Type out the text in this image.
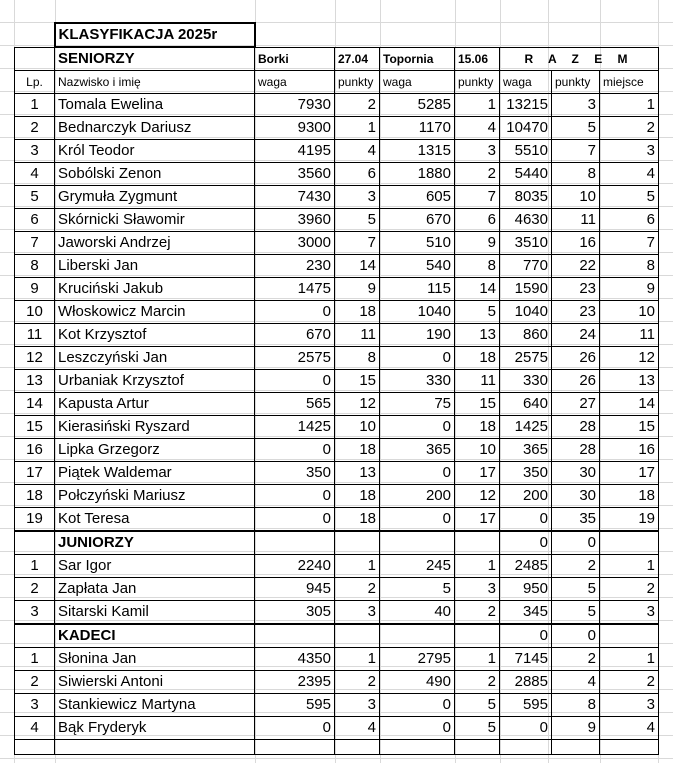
	KLASYFIKACJA 2025r							
	SENIORZY	Borki	27.04	Topornia	15.06	R A Z E M		
Lp.	Nazwisko i imię	waga	punkty	waga	punkty	waga	punkty	miejsce
1	Tomala Ewelina	7930	2	5285	1	13215	3	1
2	Bednarczyk Dariusz	9300	1	1170	4	10470	5	2
3	Król Teodor	4195	4	1315	3	5510	7	3
4	Sobólski Zenon	3560	6	1880	2	5440	8	4
5	Grymuła Zygmunt	7430	3	605	7	8035	10	5
6	Skórnicki Sławomir	3960	5	670	6	4630	11	6
7	Jaworski Andrzej	3000	7	510	9	3510	16	7
8	Liberski Jan	230	14	540	8	770	22	8
9	Kruciński Jakub	1475	9	115	14	1590	23	9
10	Włoskowicz Marcin	0	18	1040	5	1040	23	10
11	Kot Krzysztof	670	11	190	13	860	24	11
12	Leszczyński Jan	2575	8	0	18	2575	26	12
13	Urbaniak Krzysztof	0	15	330	11	330	26	13
14	Kapusta Artur	565	12	75	15	640	27	14
15	Kierasiński Ryszard	1425	10	0	18	1425	28	15
16	Lipka Grzegorz	0	18	365	10	365	28	16
17	Piątek Waldemar	350	13	0	17	350	30	17
18	Połczyński Mariusz	0	18	200	12	200	30	18
19	Kot Teresa	0	18	0	17	0	35	19
	JUNIORZY					0	0	
1	Sar Igor	2240	1	245	1	2485	2	1
2	Zapłata Jan	945	2	5	3	950	5	2
3	Sitarski Kamil	305	3	40	2	345	5	3
	KADECI					0	0	
1	Słonina Jan	4350	1	2795	1	7145	2	1
2	Siwierski Antoni	2395	2	490	2	2885	4	2
3	Stankiewicz Martyna	595	3	0	5	595	8	3
4	Bąk Fryderyk	0	4	0	5	0	9	4
